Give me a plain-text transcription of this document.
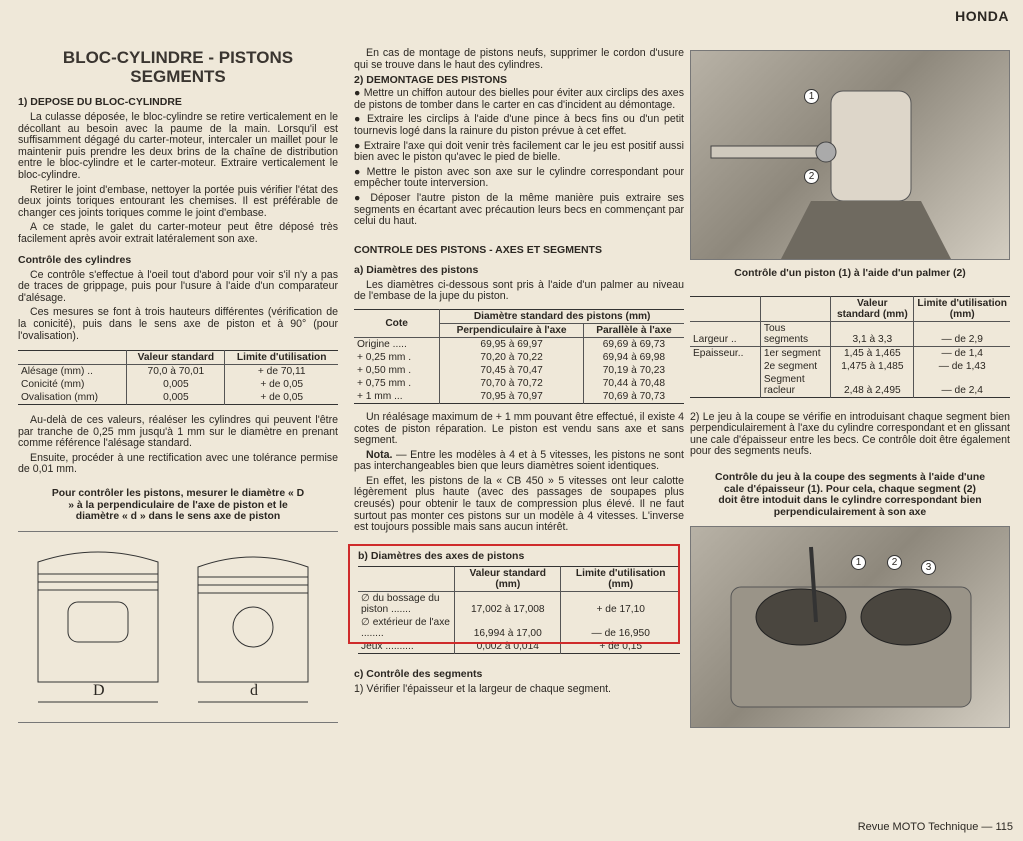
HONDA
BLOC-CYLINDRE - PISTONS SEGMENTS
1) DEPOSE DU BLOC-CYLINDRE

La culasse déposée, le bloc-cylindre se retire verticalement en le décollant au besoin avec la paume de la main. Lorsqu'il est suffisamment dégagé du carter-moteur, intercaler un maillet pour le maintenir puis prendre les deux brins de la chaîne de distribution entre le bloc-cylindre et le carter-moteur. Extraire verticalement le bloc-cylindre.

Retirer le joint d'embase, nettoyer la portée puis vérifier l'état des deux joints toriques entourant les chemises. Il est préférable de changer ces joints toriques comme le joint d'embase.

A ce stade, le galet du carter-moteur peut être déposé très facilement après avoir extrait latéralement son axe.

Contrôle des cylindres

Ce contrôle s'effectue à l'oeil tout d'abord pour voir s'il n'y a pas de traces de grippage, puis pour l'usure à l'aide d'un comparateur d'alésage.

Ces mesures se font à trois hauteurs différentes (vérification de la conicité), puis dans le sens axe de piston et à 90° (pour l'ovalisation).

	Valeur standard	Limite d'utilisation
Alésage (mm) ..	70,0 à 70,01	+ de 70,11
Conicité (mm)	0,005	+ de 0,05
Ovalisation (mm)	0,005	+ de 0,05

Au-delà de ces valeurs, réaléser les cylindres qui peuvent l'être par tranche de 0,25 mm jusqu'à 1 mm sur le diamètre en prenant comme référence l'alésage standard.

Ensuite, procéder à une rectification avec une tolérance permise de 0,01 mm.

Pour contrôler les pistons, mesurer le diamètre « D » à la perpendiculaire de l'axe de piston et le diamètre « d » dans le sens axe de piston
D	d

En cas de montage de pistons neufs, supprimer le cordon d'usure qui se trouve dans le haut des cylindres.

2) DEMONTAGE DES PISTONS

● Mettre un chiffon autour des bielles pour éviter aux circlips des axes de pistons de tomber dans le carter en cas d'incident au démontage.

● Extraire les circlips à l'aide d'une pince à becs fins ou d'un petit tournevis logé dans la rainure du piston prévue à cet effet.

● Extraire l'axe qui doit venir très facilement car le jeu est positif aussi bien avec le piston qu'avec le pied de bielle.

● Mettre le piston avec son axe sur le cylindre correspondant pour empêcher toute interversion.

● Déposer l'autre piston de la même manière puis extraire ses segments en écartant avec précaution leurs becs en commençant par celui du haut.

CONTROLE DES PISTONS - AXES ET SEGMENTS
a) Diamètres des pistons

Les diamètres ci-dessous sont pris à l'aide d'un palmer au niveau de l'embase de la jupe du piston.

Cote	Diamètre standard des pistons (mm)	
	Perpendiculaire à l'axe	Parallèle à l'axe
Origine .....	69,95 à 69,97	69,69 à 69,73
+ 0,25 mm .	70,20 à 70,22	69,94 à 69,98
+ 0,50 mm .	70,45 à 70,47	70,19 à 70,23
+ 0,75 mm .	70,70 à 70,72	70,44 à 70,48
+ 1 mm ...	70,95 à 70,97	70,69 à 70,73

Un réalésage maximum de + 1 mm pouvant être effectué, il existe 4 cotes de piston réparation. Le piston est vendu sans axe et sans segment.

Nota. — Entre les modèles à 4 et à 5 vitesses, les pistons ne sont pas interchangeables bien que leurs diamètres soient identiques.

En effet, les pistons de la « CB 450 » 5 vitesses ont leur calotte légèrement plus haute (avec des passages de soupapes plus creusés) pour obtenir le taux de compression plus élevé. Il ne faut surtout pas monter ces pistons sur un modèle à 4 vitesses. L'inverse est toujours possible mais sans aucun intérêt.

b) Diamètres des axes de pistons
	Valeur standard (mm)	Limite d'utilisation (mm)
∅ du bossage du piston .......	17,002 à 17,008	+ de 17,10
∅ extérieur de l'axe ........	16,994 à 17,00	— de 16,950
Jeux ..........	0,002 à 0,014	+ de 0,15
c) Contrôle des segments

1) Vérifier l'épaisseur et la largeur de chaque segment.

1
2
Contrôle d'un piston (1) à l'aide d'un palmer (2)
		Valeur standard (mm)	Limite d'utilisation (mm)
Largeur ..	Tous segments	3,1 à 3,3	— de 2,9
Epaisseur..	1er segment	1,45 à 1,465	— de 1,4
	2e segment	1,475 à 1,485	— de 1,43
	Segment racleur	2,48 à 2,495	— de 2,4

2) Le jeu à la coupe se vérifie en introduisant chaque segment bien perpendiculairement à l'axe du cylindre correspondant et en glissant une cale d'épaisseur entre les becs. Ce contrôle doit être également pour des segments neufs.

Contrôle du jeu à la coupe des segments à l'aide d'une cale d'épaisseur (1). Pour cela, chaque segment (2) doit être intoduit dans le cylindre correspondant bien perpendiculairement à son axe
1	2	3
Revue MOTO Technique — 115
